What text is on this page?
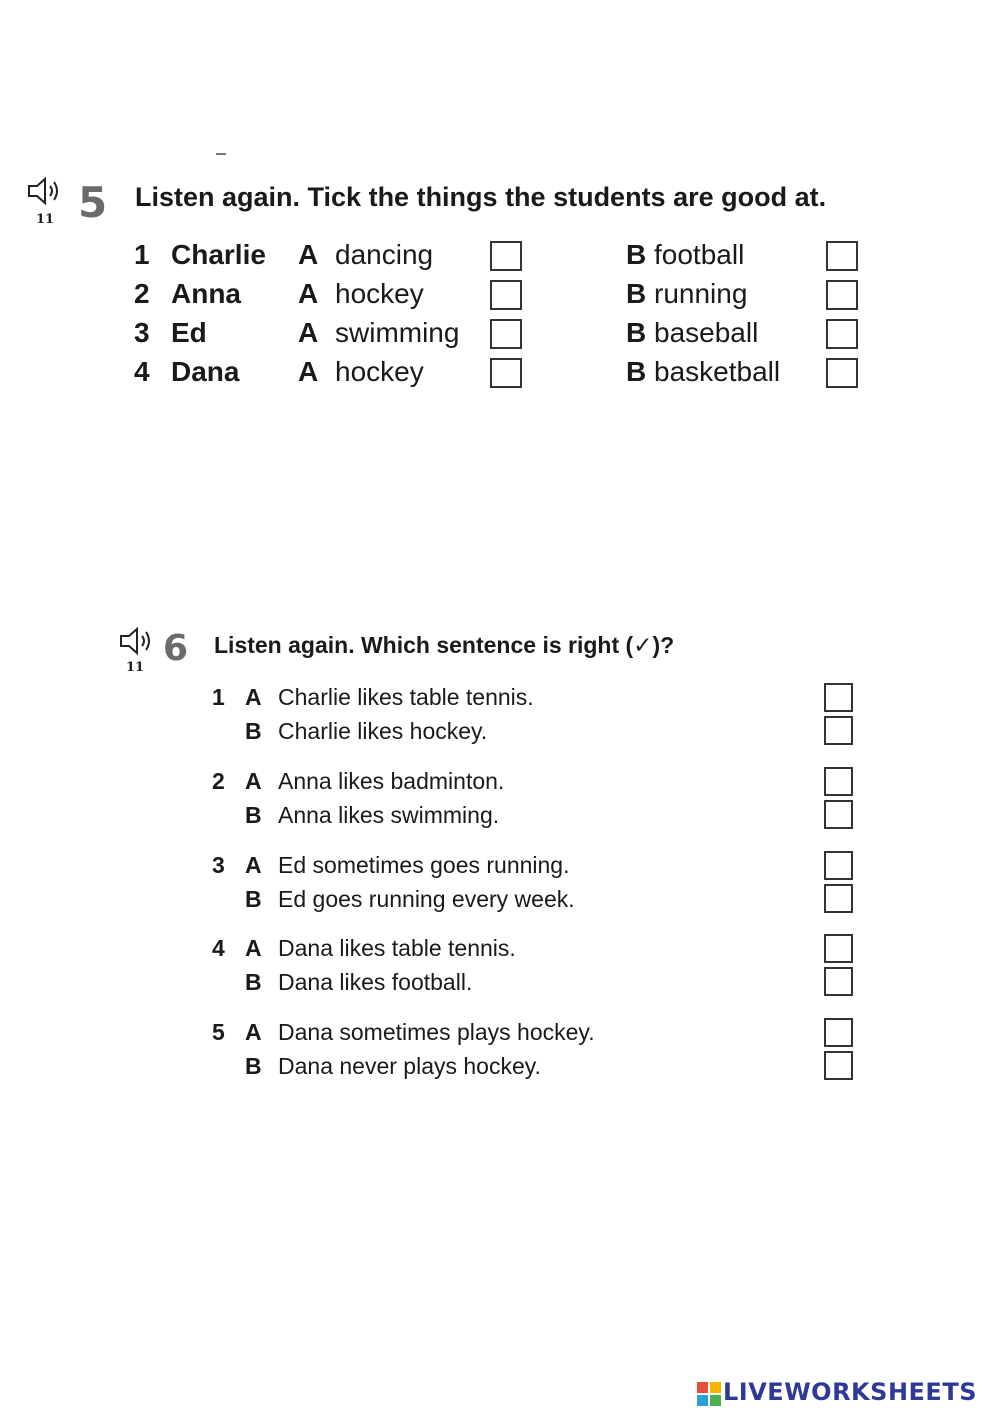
11 5 Listen again. Tick the things the students are good at.
1 Charlie A dancing	B football
2 Anna A hockey	B running
3 Ed	A swimming	B baseball
4 Dana A hockey	B basketball
11 6 Listen again. Which sentence is right (✓)?
1 A Charlie likes table tennis.
B Charlie likes hockey.
2 A Anna likes badminton.
B Anna likes swimming.
3 A Ed sometimes goes running.
B Ed goes running every week.
4 A Dana likes table tennis.
B Dana likes football.
5 A Dana sometimes plays hockey.
B Dana never plays hockey.
LIVEWORKSHEETS
